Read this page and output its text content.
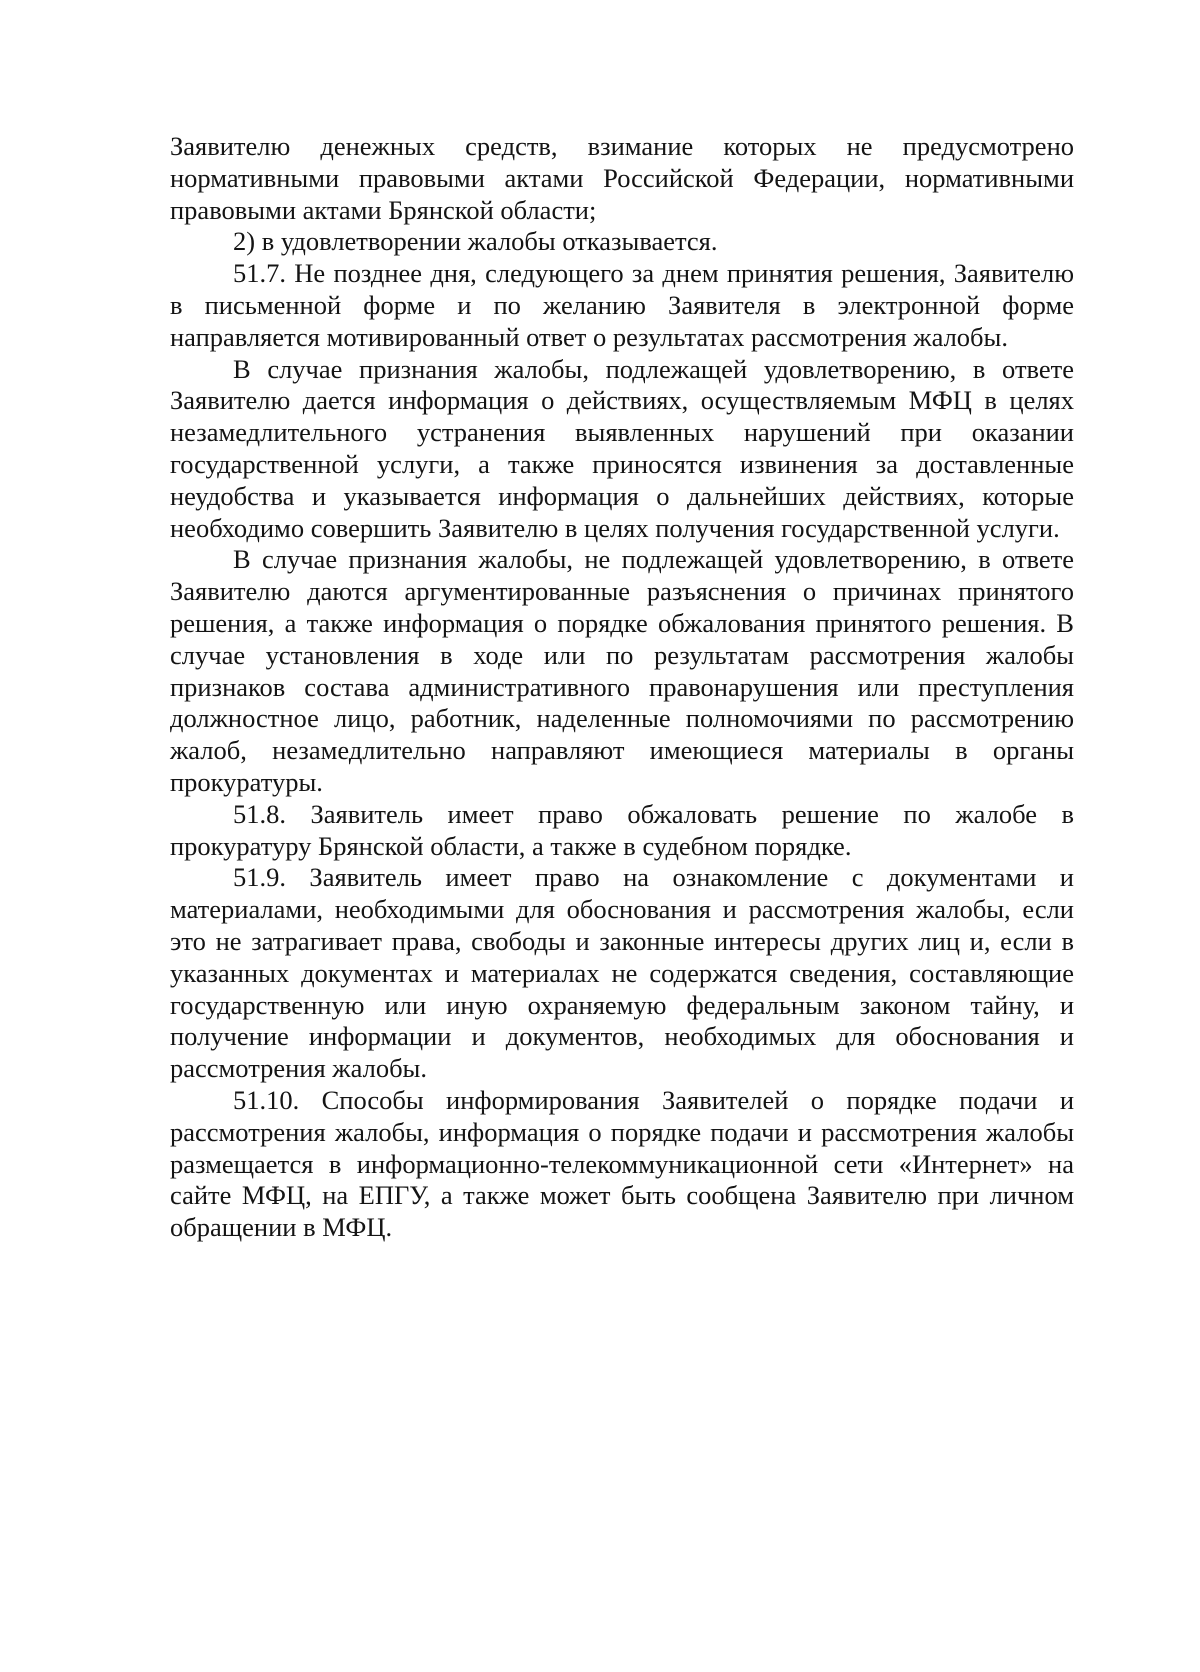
Заявителю денежных средств, взимание которых не предусмотрено нормативными правовыми актами Российской Федерации, нормативными правовыми актами Брянской области;

2) в удовлетворении жалобы отказывается.

51.7. Не позднее дня, следующего за днем принятия решения, Заявителю в письменной форме и по желанию Заявителя в электронной форме направляется мотивированный ответ о результатах рассмотрения жалобы.

В случае признания жалобы, подлежащей удовлетворению, в ответе Заявителю дается информация о действиях, осуществляемым МФЦ в целях незамедлительного устранения выявленных нарушений при оказании государственной услуги, а также приносятся извинения за доставленные неудобства и указывается информация о дальнейших действиях, которые необходимо совершить Заявителю в целях получения государственной услуги.

В случае признания жалобы, не подлежащей удовлетворению, в ответе Заявителю даются аргументированные разъяснения о причинах принятого решения, а также информация о порядке обжалования принятого решения. В случае установления в ходе или по результатам рассмотрения жалобы признаков состава административного правонарушения или преступления должностное лицо, работник, наделенные полномочиями по рассмотрению жалоб, незамедлительно направляют имеющиеся материалы в органы прокуратуры.

51.8. Заявитель имеет право обжаловать решение по жалобе в прокуратуру Брянской области, а также в судебном порядке.

51.9. Заявитель имеет право на ознакомление с документами и материалами, необходимыми для обоснования и рассмотрения жалобы, если это не затрагивает права, свободы и законные интересы других лиц и, если в указанных документах и материалах не содержатся сведения, составляющие государственную или иную охраняемую федеральным законом тайну, и получение информации и документов, необходимых для обоснования и рассмотрения жалобы.

51.10. Способы информирования Заявителей о порядке подачи и рассмотрения жалобы, информация о порядке подачи и рассмотрения жалобы размещается в информационно-телекоммуникационной сети «Интернет» на сайте МФЦ, на ЕПГУ, а также может быть сообщена Заявителю при личном обращении в МФЦ.
